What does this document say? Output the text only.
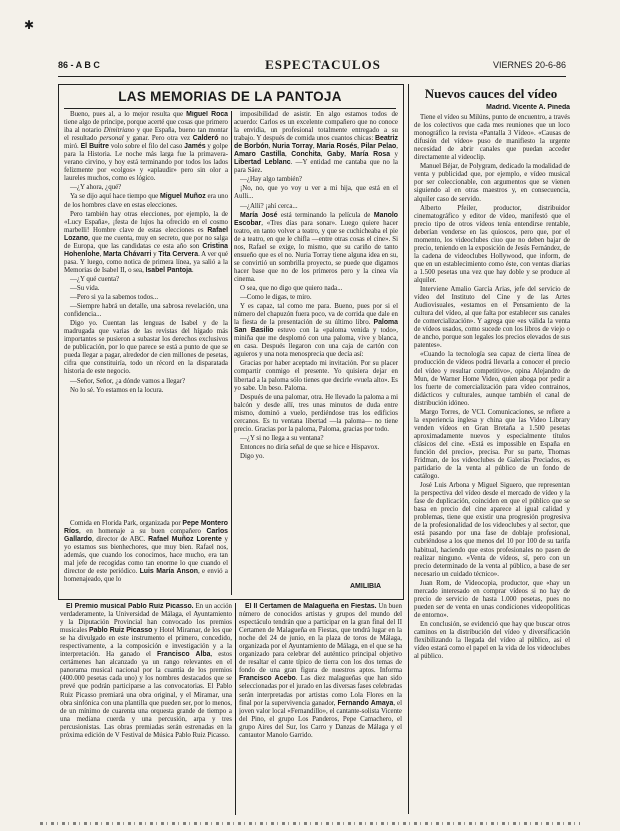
✱
86 - A B C	ESPECTACULOS	VIERNES 20-6-86
LAS MEMORIAS DE LA PANTOJA

Bueno, pues al, a lo mejor resulta que Miguel Roca tiene algo de principe, porque acerté que cosas que primero iba al notario Dimitriano y que España, bueno tan montar el resultado personal y ganar. Pero otra vez Calderó no miró. El Buitre volo sobre el filo del caso Jamés y golpe para la Historia. Le noche más larga fue la primavera-verano cirvino, y hoy está terminando por todos los lados felizmente por «colgos» y «aplaudir» pero sin olor a laureles muchos, como es lógico.

—¿Y ahora, ¿qué?

Ya se dijo aquí hace tiempo que Miguel Muñoz era uno de los hombres clave en estas elecciones.

Pero también hay otras elecciones, por ejemplo, la de «Lucy España», ¡festa de lujos ha ofrecido en el cosmo marbelli! Hombre clave de estas elecciones es Rafael Lozano, que me cuenta, muy en secreto, que por no salga de Europa, que las candidatas ce esta año son Cristina Hohenlohe, Marta Chávarri y Tita Cervera. A ver qué pasa. Y luego, como notica de primera línea, ya salió a la Memorias de Isabel II, o sea, Isabel Pantoja.

—¿Y qué cuenta?

—Su vida.

—Pero si ya la sabemos todos...

—Siempre habrá un detalle, una sabrosa revelación, una confidencia...

Digo yo. Cuentan las lenguas de Isabel y de la madrugada que varias de las revistas del hígado más importantes se pusieron a subastar los derechos exclusivos de publicación, por lo que parece se está a punto de que se pueda llegar a pagar, alrededor de cien millones de pesetas, cifra que constituiría, todo un récord en la disparatada historia de este negocio.

—Señor, Señor, ¿a dónde vamos a llegar?

No lo sé. Yo estamos en la locura.

Comida en Florida Park, organizada por Pepe Montero Ríos, en homenaje a su buen compañero Carlos Gallardo, director de ABC. Rafael Muñoz Lorente y yo estamos sus bienhechores, que muy bien. Rafael nos, además, que cuando los conocimos, hace mucho, era tan mal jefe de recogidas como tan enorme lo que cuando el director de este periódico. Luis María Anson, e envió a homenajeado, que lo

imposibilidad de asistir. En algo estamos todos de acuerdo: Carlos es un excelente compañero que no conoce la envidia, un profesional totalmente entregado a su trabajo. Y después de comida unos cuantos chicas: Beatriz de Borbón, Nuria Torray, Maria Rosés, Pilar Pelao, Amaro Castilla, Conchita, Gaby, María Rosa y Libertad Leblanc. —Y entidad me cantaba que no la para Sáez.

—¿Hay algo también?

¡No, no, que yo voy u ver a mi hija, que está en el Aulli...

—¿Allí? ¡ahí cerca...

María José está terminando la película de Manolo Escobar, «Tres días para sonar». Luego quiere hacer teatro, en tanto volver a teatro, y que se cuchicheaba el pie de a teatro, en que le chifla —entre otras cosas el cine». Si nos, Rafael se exige, lo mismo, que su cariño de tanto ensueño que es el no. Nuria Torray tiene alguna idea en su, se convirtió un sombrilla proyecto, se puede que digamos hacer base que no de los primeros pero y la cinea vía cinema.

O sea, que no digo que quiero nada...

—Como le digas, te miro.

Y es capaz, tal como me para. Bueno, pues por si el número del chapuzón fuera poco, va de corrida que dale en la fiesta de la presentación de su último libro. Paloma San Basilio estuvo con la «paloma venida y todo», miniña que me desplomó con una paloma, vive y blanca, en casa. Después llegaron con una caja de cartón con aguieros y una nota menosprecia que decía así:

Gracias por haber aceptado mi invitación. Por su placer compartir conmigo el presente. Yo quisiera dejar en libertad a la paloma sólo tienes que decirle «vuela alto». Es yo sabe. Un beso. Paloma.

Después de una palomar, otra. He llevado la paloma a mi balcón y desde allí, tres unas minutos de duda entre mismo, dominó a vuelo, perdiéndose tras los edificios cercanos. Es tu ventana libertad —la paloma— no tiene precio. Gracias por la paloma, Paloma, gracias por todo.

—¿Y si no llega a su ventana?

Entonces no diría señal de que se hice e Hispavox.

Digo yo.

AMILIBIA

El Premio musical Pablo Ruiz Picasso. En un acción verdaderamente, la Universidad de Málaga, el Ayuntamiento y la Diputación Provincial han convocado los premios musicales Pablo Ruiz Picasso y Hotel Miramar, de los que se ha divulgado en este instrumento el primero, concedido, respectivamente, a la composición e investigación y a la interpretación. Ha ganado el Francisco Alba, estos certámenes han alcanzado ya un rango relevantes en el panorama musical nacional por la cuantía de los premios (400.000 pesetas cada uno) y los nombres destacados que se prevé que podrán participarse a las convocatorias. El Pablo Ruiz Picasso premiará una obra original, y el Miramar, una obra sinfónica con una plantilla que pueden ser, por lo menos, de un mínimo de cuarenta una orquesta grande de tiempo a una mediana cuerda y una percusión, arpa y tres percusionistas. Las obras premiadas serán estrenadas en la próxima edición de V Festival de Música Pablo Ruiz Picasso.

El II Certamen de Malagueña en Fiestas. Un buen número de conocidos artistas y grupos del mundo del espectáculo tendrán que a participar en la gran final del II Certamen de Malagueña en Fiestas, que tendrá lugar en la noche del 24 de junio, en la plaza de toros de Málaga, organizada por el Ayuntamiento de Málaga, en el que se ha organizado para celebrar del auténtico principal objetivo de resaltar el cante típico de tierra con los dos temas de fondo de una gran figura de nuestros aptos. Informa Francisco Acebo. Las diez malagueñas que han sido seleccionadas por el jurado en las diversas fases celebradas serán interpretadas por artistas como Lola Flores en la final por la supervivencia ganador, Fernando Amaya, el joven valor local «Fernandillo», el cantante-solista Vicente del Pino, el grupo Los Panderos, Pepe Camachero, el grupo Aires del Sur, los Carro y Danzas de Málaga y el cantautor Manolo Garrido.

Nuevos cauces del vídeo

Madrid. Vicente A. Pineda

Tiene el vídeo su Milúns, punto de encuentro, a través de los colectivos que cada mes reuniones que un loco monográfico la revista «Pantalla 3 Vídeo». «Causas de difusión del vídeo» puso de manifiesto la urgente necesidad de abrir canales que puedan acceder directamente al videoclip.

Manuel Béjar, de Polygram, dedicado la modalidad de venta y publicidad que, por ejemplo, e vídeo musical por ser coleccionable, con argumentos que se vienen siguiendo al en otras maestros y, en consecuencia, alquiler caso de servido.

Alberto Pfeiler, productor, distribuidor cinematográfico y editor de vídeo, manifestó que el precio tipo de otros vídeos tenía entendirse rentable, deberían venderse en las quioscos, pero que, por el momento, los videoclubes ciuo que no deben bajar de precio, teniendo en la exposición de Jesús Fernández, de la cadena de videoclubes Hollywood, que inform, de que en un establecimiento como éste, con ventas diarias a 1.500 pesetas una vez que hay doble y se produce al alquiler.

Interviene Amalio García Arias, jefe del servicio de vídeo del Instituto del Cine y de las Artes Audiovisuales, «estamos en el Pensamiento de la cultura del vídeo, al que falta por establecer sus canales de comercialización». Y agrega que «es válida la venta de vídeos usados, como sucede con los libros de viejo o de ancho, porque son legales los precios elevados de sus patentes».

«Cuando la tecnología sea capaz de cierta línea de producción de vídeos podrá llevarla a conocer el precio del vídeo y resultar competitivo», opina Alejandro de Mun, de Warner Home Video, quien aboga por pedir a los fuerte de comercialización para vídeo contrainos, didácticos y culturales, aunque también el canal de distribución idóneo.

Margo Torres, de VCL Comunicaciones, se refiere a la experiencia inglesa y china que las Video Library venden vídeos en Gran Bretaña a 1.500 pesetas aproximadamente nuevos y especialmente títulos clásicos del cine. «Está es impossible en España en función del precio», precisa. Por su parte, Thomas Fridman, de los videoclubes de Galerías Preciados, es partidario de la venta al público de un fondo de catálogo.

José Luis Arbona y Miguel Siguero, que representan la perspectiva del vídeo desde el mercado de vídeo y la fase de duplicación, coinciden en que el público que se basa en precio del cine aparece al igual calidad y problemas, tiene que existir una progresión progresiva de la profesionalidad de los videoclubes y al sector, que está pasando por una fase de doblaje profesional, cubriéndose a los que menos del 10 por 100 de su tarifa habitual, haciendo que estos profesionales no pasen de realizar ninguno. «Venta de vídeos, sí, pero con un precio determinado de la venta al público, a base de ser necesario un cuidado técnico».

Juan Rom, de Videocopia, productor, que «hay un mercado interesado en comprar vídeos si no hay de precio de servicio de hasta 1.000 pesetas, pues no pueden ser de venta en unas condiciones videopolíticas de entorno».

En conclusión, se evidenció que hay que buscar otros caminos en la distribución del vídeo y diversificación flexibilizando la llegada del vídeo al público, así el vídeo estará como el papel en la vida de los videoclubes al público.
